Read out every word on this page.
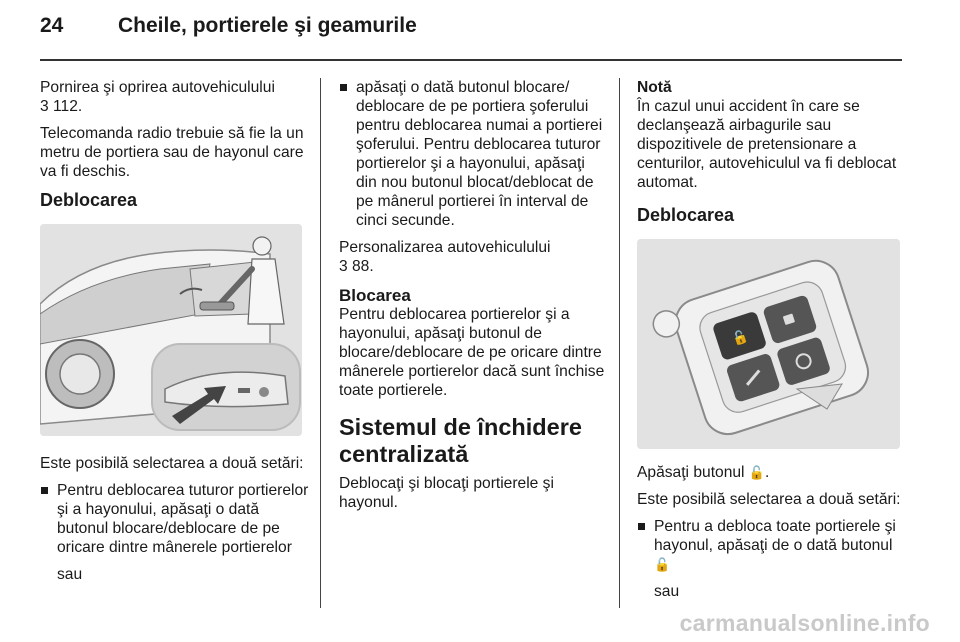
24	Cheile, portierele şi geamurile
Pornirea şi oprirea autovehiculului
3 112.
Telecomanda radio trebuie să fie la un metru de portiera sau de hayonul care va fi deschis.
Deblocarea
Este posibilă selectarea a două setări:
Pentru deblocarea tuturor portierelor şi a hayonului, apăsaţi o dată butonul blocare/deblocare de pe oricare dintre mânerele portierelor
sau
apăsaţi o dată butonul blocare/ deblocare de pe portiera şoferului pentru deblocarea numai a portierei şoferului. Pentru deblocarea tuturor portierelor şi a hayonului, apăsaţi din nou butonul blocat/deblocat de pe mânerul portierei în interval de cinci secunde.
Personalizarea autovehiculului
3 88.
Blocarea
Pentru deblocarea portierelor şi a hayonului, apăsaţi butonul de blocare/deblocare de pe oricare dintre mânerele portierelor dacă sunt închise toate portierele.
Sistemul de închidere centralizată
Deblocaţi şi blocaţi portierele şi hayonul.
Notă
În cazul unui accident în care se declanşează airbagurile sau dispozitivele de pretensionare a centurilor, autovehiculul va fi deblocat automat.
Deblocarea
🔓
Apăsaţi butonul 🔓.
Este posibilă selectarea a două setări:
Pentru a debloca toate portierele şi hayonul, apăsaţi de o dată butonul
🔓
sau
carmanualsonline.info
